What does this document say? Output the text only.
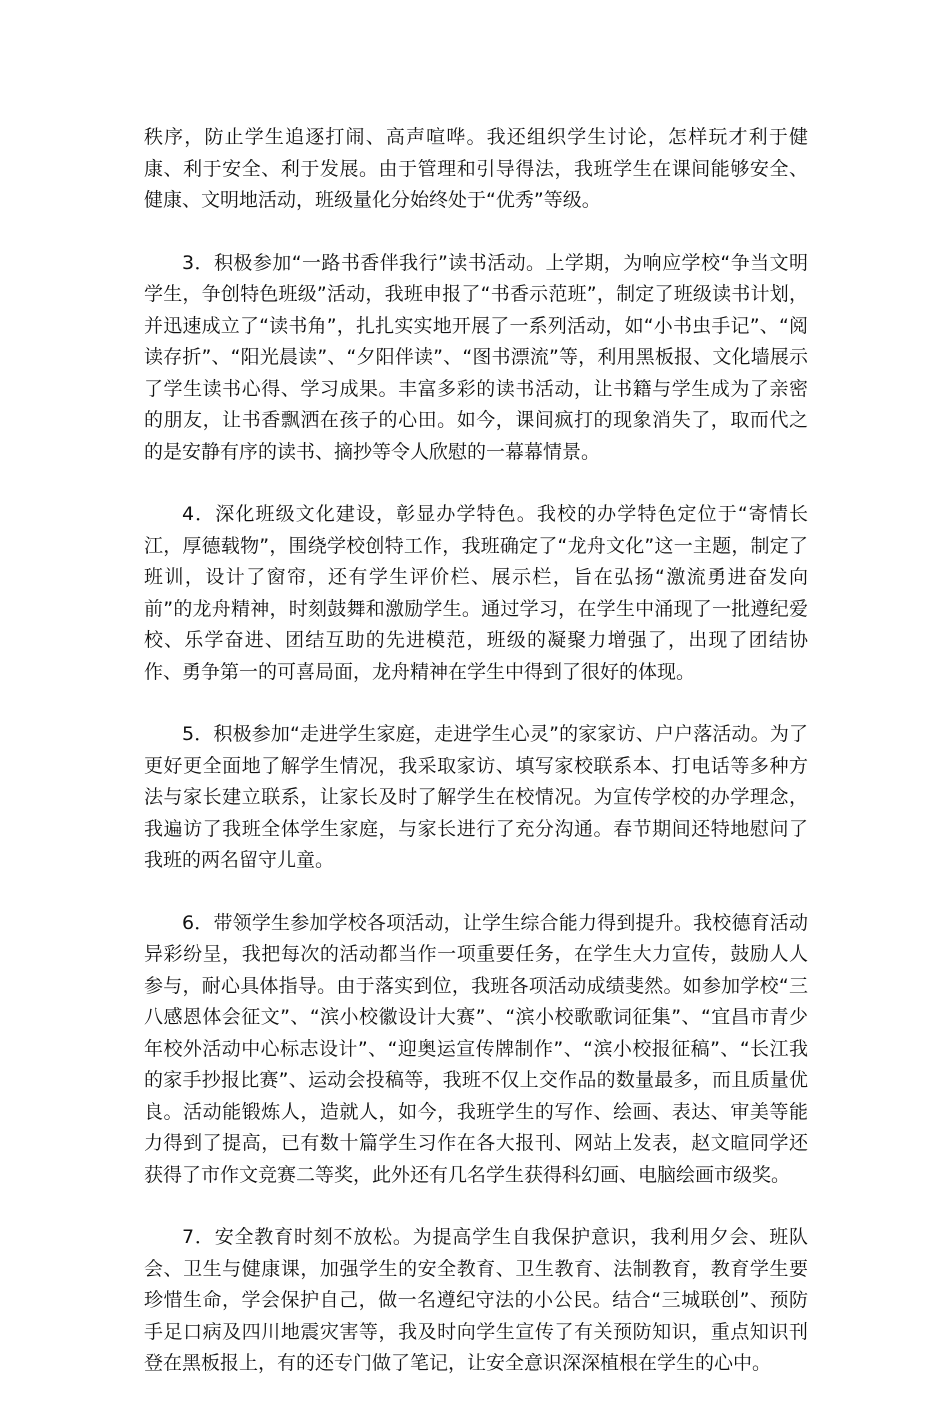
秩序，防止学生追逐打闹、高声喧哗。我还组织学生讨论，怎样玩才利于健康、利于安全、利于发展。由于管理和引导得法，我班学生在课间能够安全、健康、文明地活动，班级量化分始终处于“优秀”等级。

3．积极参加“一路书香伴我行”读书活动。上学期，为响应学校“争当文明学生，争创特色班级”活动，我班申报了“书香示范班”，制定了班级读书计划，并迅速成立了“读书角”，扎扎实实地开展了一系列活动，如“小书虫手记”、“阅读存折”、“阳光晨读”、“夕阳伴读”、“图书漂流”等，利用黑板报、文化墙展示了学生读书心得、学习成果。丰富多彩的读书活动，让书籍与学生成为了亲密的朋友，让书香飘洒在孩子的心田。如今，课间疯打的现象消失了，取而代之的是安静有序的读书、摘抄等令人欣慰的一幕幕情景。

4．深化班级文化建设，彰显办学特色。我校的办学特色定位于“寄情长江，厚德载物”，围绕学校创特工作，我班确定了“龙舟文化”这一主题，制定了班训，设计了窗帘，还有学生评价栏、展示栏，旨在弘扬“激流勇进奋发向前”的龙舟精神，时刻鼓舞和激励学生。通过学习，在学生中涌现了一批遵纪爱校、乐学奋进、团结互助的先进模范，班级的凝聚力增强了，出现了团结协作、勇争第一的可喜局面，龙舟精神在学生中得到了很好的体现。

5．积极参加“走进学生家庭，走进学生心灵”的家家访、户户落活动。为了更好更全面地了解学生情况，我采取家访、填写家校联系本、打电话等多种方法与家长建立联系，让家长及时了解学生在校情况。为宣传学校的办学理念，我遍访了我班全体学生家庭，与家长进行了充分沟通。春节期间还特地慰问了我班的两名留守儿童。

6．带领学生参加学校各项活动，让学生综合能力得到提升。我校德育活动异彩纷呈，我把每次的活动都当作一项重要任务，在学生大力宣传，鼓励人人参与，耐心具体指导。由于落实到位，我班各项活动成绩斐然。如参加学校“三八感恩体会征文”、“滨小校徽设计大赛”、“滨小校歌歌词征集”、“宜昌市青少年校外活动中心标志设计”、“迎奥运宣传牌制作”、“滨小校报征稿”、“长江我的家手抄报比赛”、运动会投稿等，我班不仅上交作品的数量最多，而且质量优良。活动能锻炼人，造就人，如今，我班学生的写作、绘画、表达、审美等能力得到了提高，已有数十篇学生习作在各大报刊、网站上发表，赵文暄同学还获得了市作文竞赛二等奖，此外还有几名学生获得科幻画、电脑绘画市级奖。

7．安全教育时刻不放松。为提高学生自我保护意识，我利用夕会、班队会、卫生与健康课，加强学生的安全教育、卫生教育、法制教育，教育学生要珍惜生命，学会保护自己，做一名遵纪守法的小公民。结合“三城联创”、预防手足口病及四川地震灾害等，我及时向学生宣传了有关预防知识，重点知识刊登在黑板报上，有的还专门做了笔记，让安全意识深深植根在学生的心中。
